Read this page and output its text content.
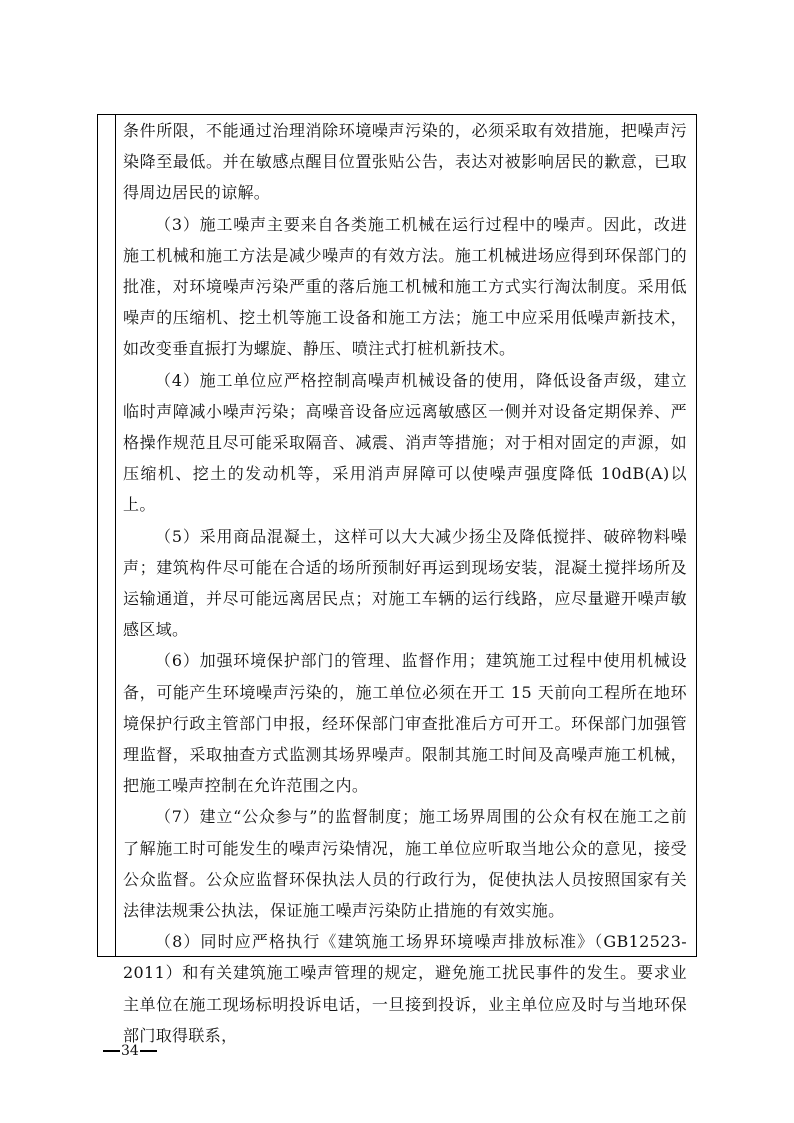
条件所限，不能通过治理消除环境噪声污染的，必须采取有效措施，把噪声污染降至最低。并在敏感点醒目位置张贴公告，表达对被影响居民的歉意，已取得周边居民的谅解。

（3）施工噪声主要来自各类施工机械在运行过程中的噪声。因此，改进施工机械和施工方法是减少噪声的有效方法。施工机械进场应得到环保部门的批准，对环境噪声污染严重的落后施工机械和施工方式实行淘汰制度。采用低噪声的压缩机、挖土机等施工设备和施工方法；施工中应采用低噪声新技术，如改变垂直振打为螺旋、静压、喷注式打桩机新技术。

（4）施工单位应严格控制高噪声机械设备的使用，降低设备声级，建立临时声障减小噪声污染；高噪音设备应远离敏感区一侧并对设备定期保养、严格操作规范且尽可能采取隔音、减震、消声等措施；对于相对固定的声源，如压缩机、挖土的发动机等，采用消声屏障可以使噪声强度降低 10dB(A)以上。

（5）采用商品混凝土，这样可以大大减少扬尘及降低搅拌、破碎物料噪声；建筑构件尽可能在合适的场所预制好再运到现场安装，混凝土搅拌场所及运输通道，并尽可能远离居民点；对施工车辆的运行线路，应尽量避开噪声敏感区域。

（6）加强环境保护部门的管理、监督作用；建筑施工过程中使用机械设备，可能产生环境噪声污染的，施工单位必须在开工 15 天前向工程所在地环境保护行政主管部门申报，经环保部门审查批准后方可开工。环保部门加强管理监督，采取抽查方式监测其场界噪声。限制其施工时间及高噪声施工机械，把施工噪声控制在允许范围之内。

（7）建立“公众参与”的监督制度；施工场界周围的公众有权在施工之前了解施工时可能发生的噪声污染情况，施工单位应听取当地公众的意见，接受公众监督。公众应监督环保执法人员的行政行为，促使执法人员按照国家有关法律法规秉公执法，保证施工噪声污染防止措施的有效实施。

（8）同时应严格执行《建筑施工场界环境噪声排放标准》（GB12523-2011）和有关建筑施工噪声管理的规定，避免施工扰民事件的发生。要求业主单位在施工现场标明投诉电话，一旦接到投诉，业主单位应及时与当地环保部门取得联系，

34
